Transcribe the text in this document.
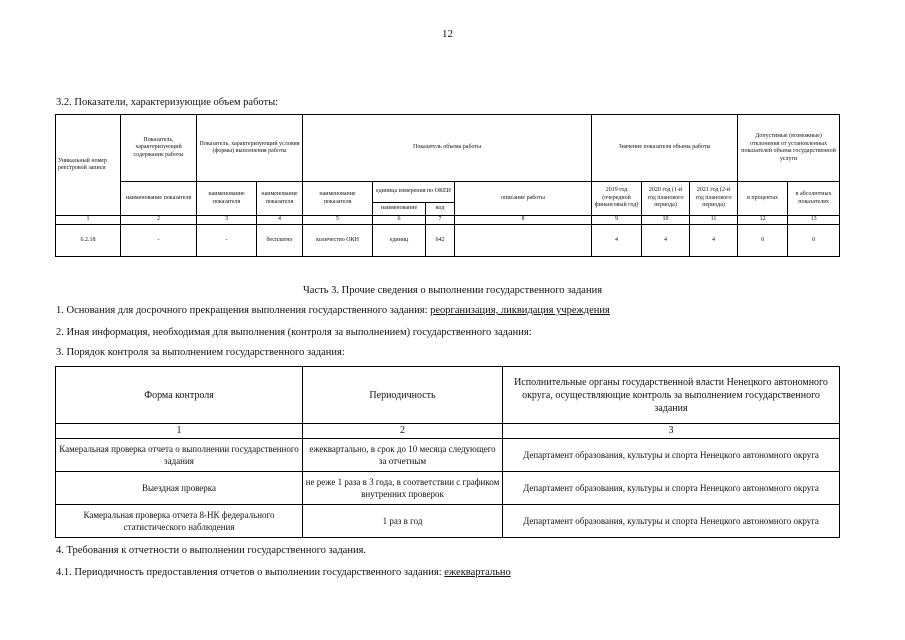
12
3.2. Показатели, характеризующие объем работы:
Уникальный номер реестровой записи	Показатель, характеризующий содержание работы	Показатель, характеризующий условия (формы) выполнения работы		Показатель объема работы				Значение показателя объема работы			Допустимые (возможные) отклонения от установленных показателей объема государственной услуги	
	наименование показателя	наименование показателя	наименование показателя	наименование показателя	единица измерения по ОКЕИ		описание работы	2019 год (очередной финансовый год)	2020 год (1-й год планового периода)	2021 год (2-й год планового периода)	в процентах	в абсолютных показателях
					наименование	код						
1	2	3	4	5	6	7	8	9	10	11	12	13
6.2.18	-	-	бесплатно	количество ОКН	единиц	642		4	4	4	0	0
Часть 3. Прочие сведения о выполнении государственного задания
1. Основания для досрочного прекращения выполнения государственного задания: реорганизация, ликвидация учреждения
2. Иная информация, необходимая для выполнения (контроля за выполнением) государственного задания:
3. Порядок контроля за выполнением государственного задания:
Форма контроля	Периодичность	Исполнительные органы государственной власти Ненецкого автономного округа, осуществляющие контроль за выполнением государственного задания
1	2	3
Камеральная проверка отчета о выполнении государственного задания	ежеквартально, в срок до 10 месяца следующего за отчетным	Департамент образования, культуры и спорта Ненецкого автономного округа
Выездная проверка	не реже 1 раза в 3 года, в соответствии с графиком внутренних проверок	Департамент образования, культуры и спорта Ненецкого автономного округа
Камеральная проверка отчета 8-НК федерального статистического наблюдения	1 раз в год	Департамент образования, культуры и спорта Ненецкого автономного округа
4. Требования к отчетности о выполнении государственного задания.
4.1. Периодичность предоставления отчетов о выполнении государственного задания: ежеквартально
